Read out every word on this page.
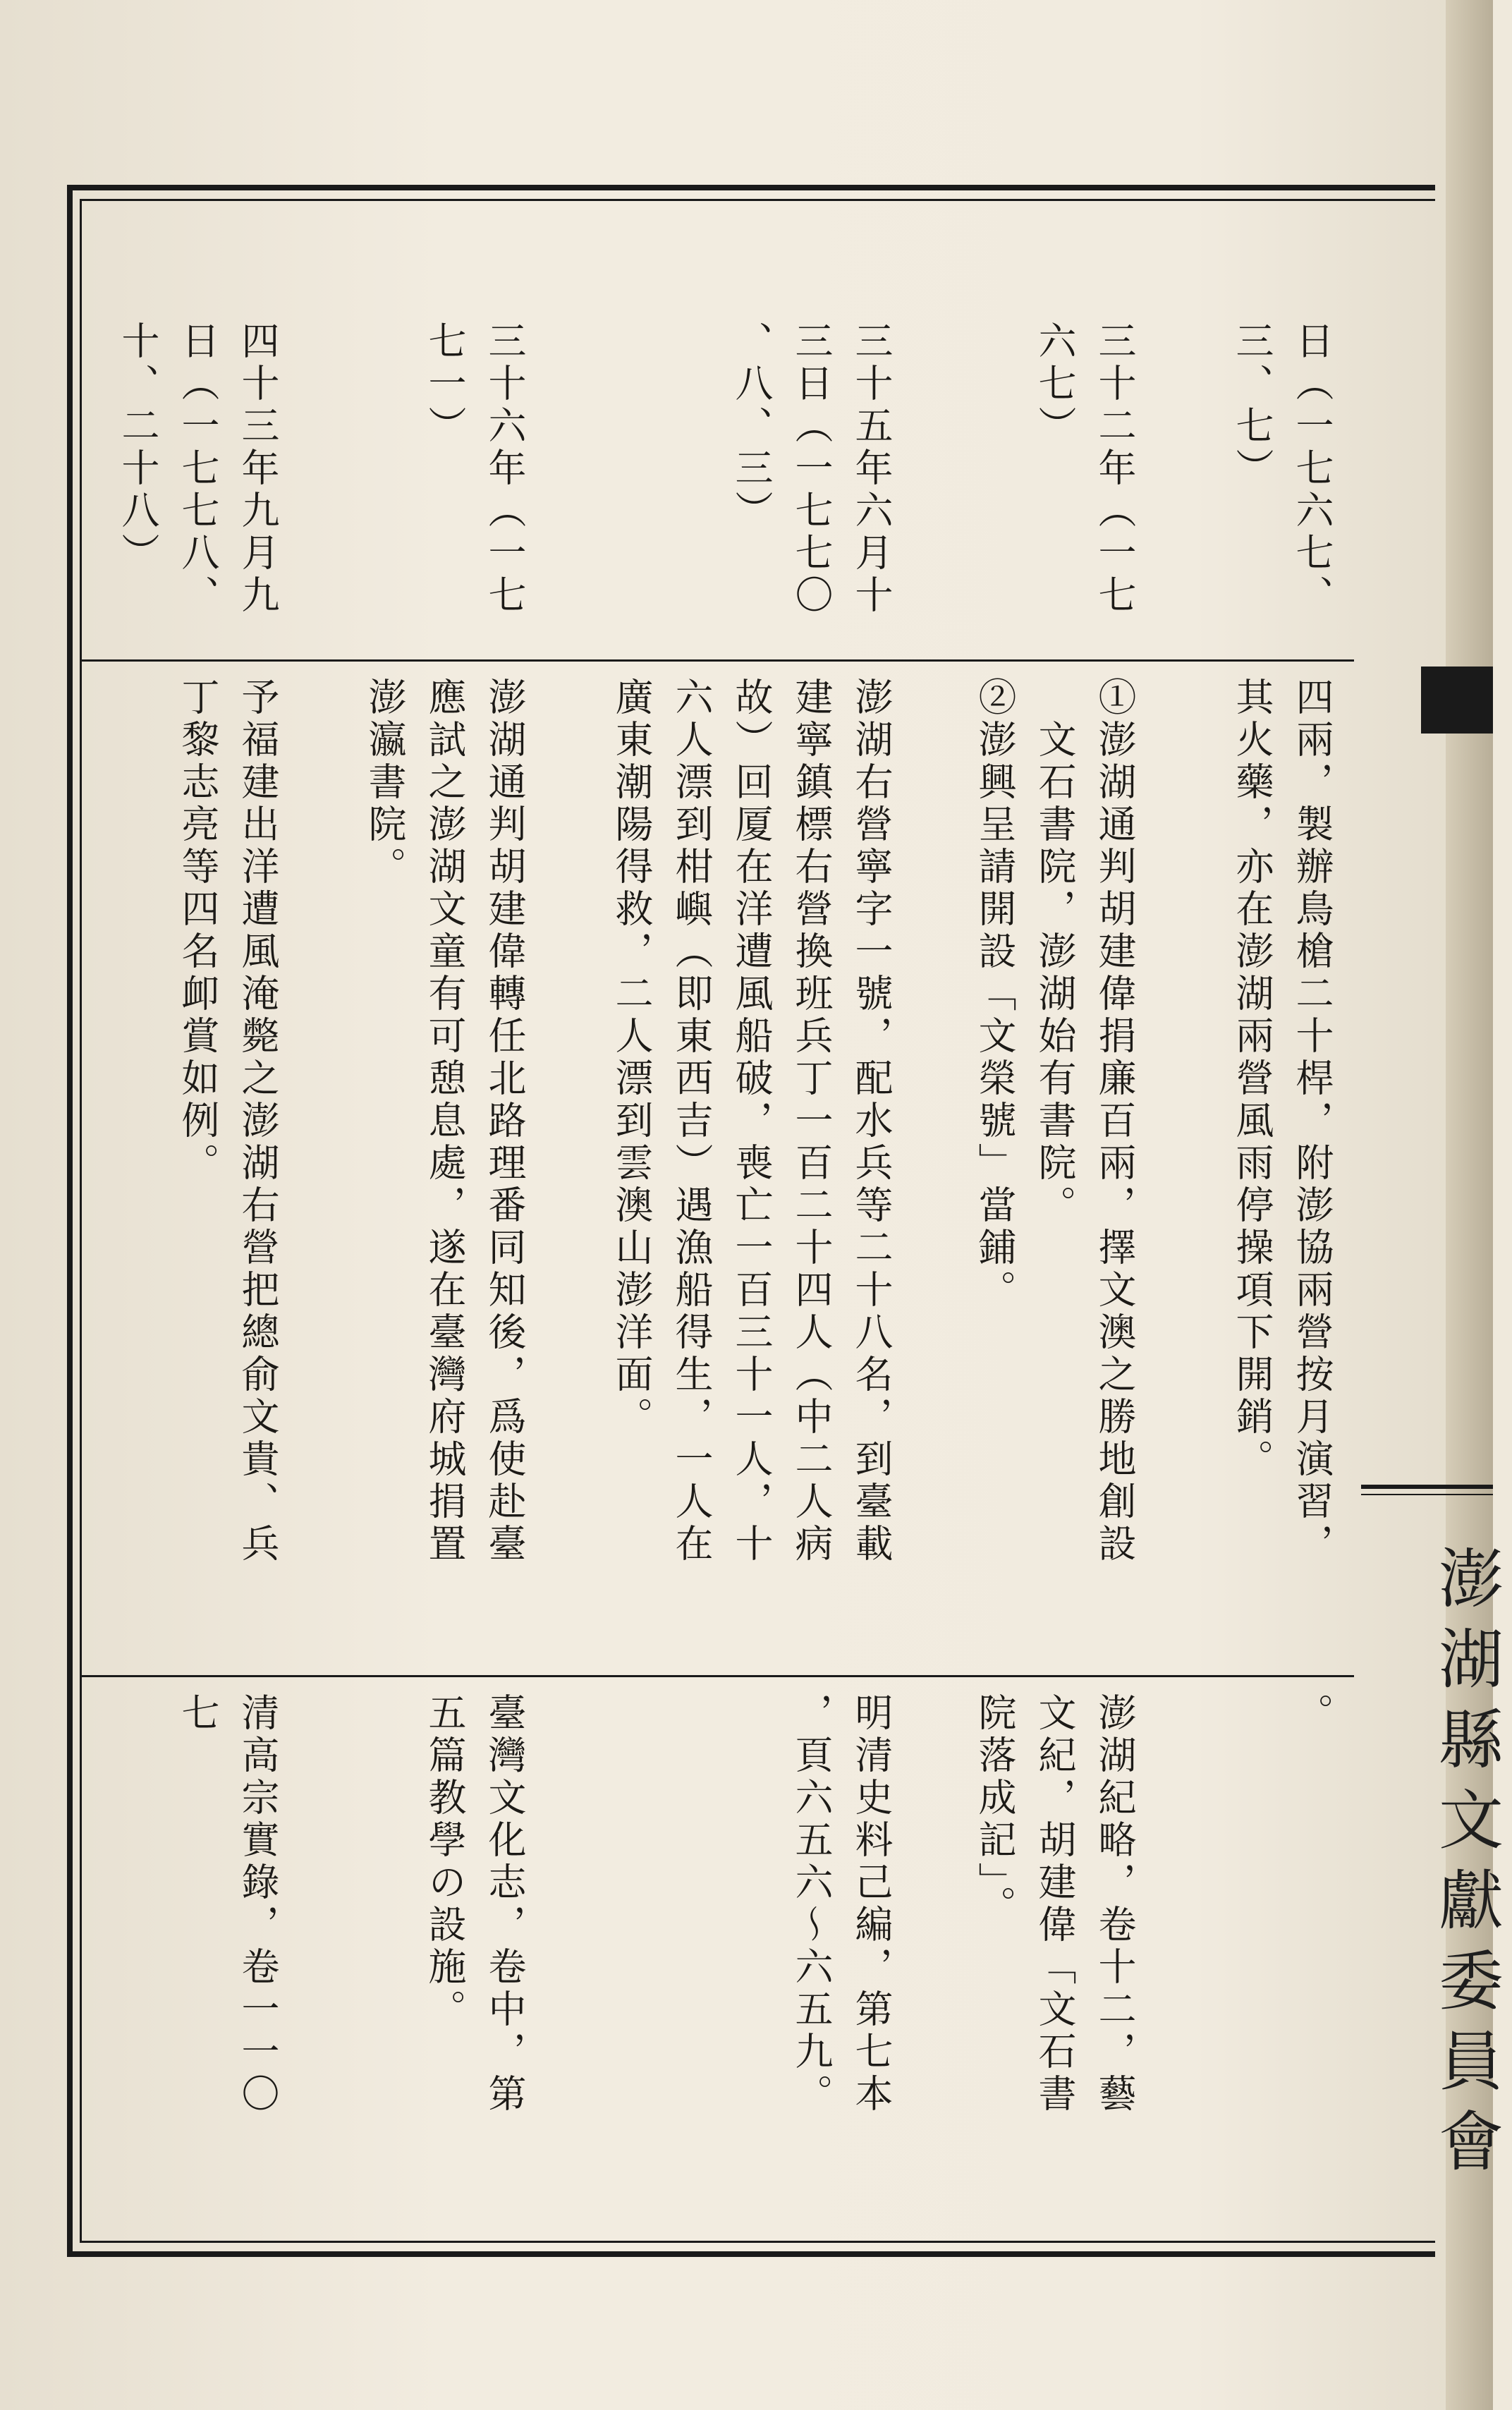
澎湖縣文獻委員會
日（一七六七、
四兩，製辦鳥槍二十桿，附澎協兩營按月演習，
。
三、七）
其火藥，亦在澎湖兩營風雨停操項下開銷。
三十二年（一七
①澎湖通判胡建偉捐廉百兩，擇文澳之勝地創設
澎湖紀略，卷十二，藝
六七）
　文石書院，澎湖始有書院。
文紀，胡建偉「文石書
②澎興呈請開設「文榮號」當鋪。
院落成記」。
三十五年六月十
澎湖右營寧字一號，配水兵等二十八名，到臺載
明清史料己編，第七本
三日（一七七〇
建寧鎮標右營換班兵丁一百二十四人（中二人病
，頁六五六～六五九。
、八、三）
故）回厦在洋遭風船破，喪亡一百三十一人，十
六人漂到柑嶼（即東西吉）遇漁船得生，一人在
廣東潮陽得救，二人漂到雲澳山澎洋面。
三十六年（一七
澎湖通判胡建偉轉任北路理番同知後，爲使赴臺
臺灣文化志，卷中，第
七一）
應試之澎湖文童有可憩息處，遂在臺灣府城捐置
五篇教學の設施。
澎瀛書院。
四十三年九月九
予福建出洋遭風淹斃之澎湖右營把總俞文貴、兵
清高宗實錄，卷一一〇
日（一七七八、
丁黎志亮等四名卹賞如例。
七
十、二十八）
